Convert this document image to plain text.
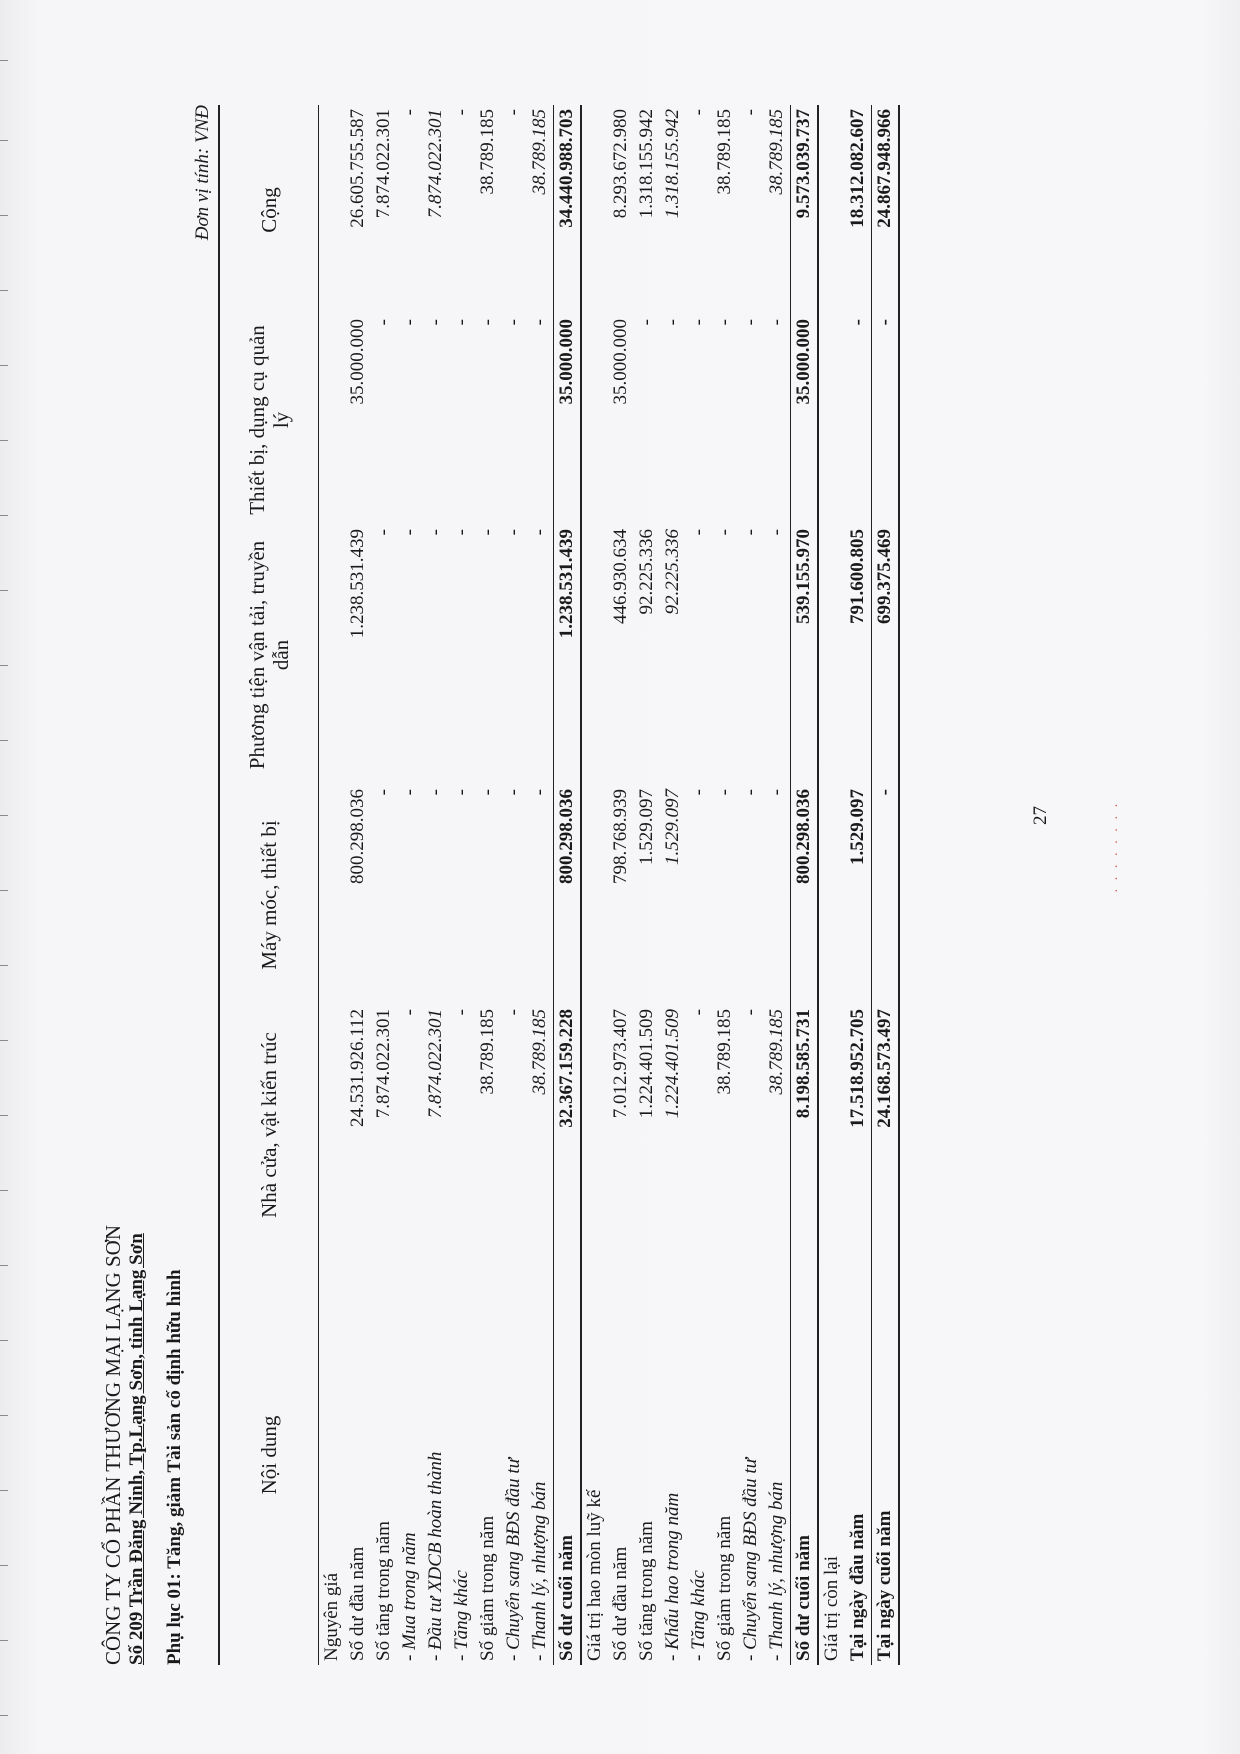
CÔNG TY CỔ PHẦN THƯƠNG MẠI LẠNG SƠN Số 209 Trần Đăng Ninh, Tp.Lạng Sơn, tỉnh Lạng Sơn Phụ lục 01: Tăng, giảm Tài sản cố định hữu hình
Đơn vị tính: VNĐ
Nội dung	Nhà cửa, vật kiến trúc	Máy móc, thiết bị	Phương tiện vận tải, truyền dẫn	Thiết bị, dụng cụ quản lý	Cộng
Nguyên giá					
Số dư đầu năm	24.531.926.112	800.298.036	1.238.531.439	35.000.000	26.605.755.587
Số tăng trong năm	7.874.022.301	-	-	-	7.874.022.301
- Mua trong năm	-	-	-	-	-
- Đầu tư XDCB hoàn thành	7.874.022.301	-	-	-	7.874.022.301
- Tăng khác	-	-	-	-	-
Số giảm trong năm	38.789.185	-	-	-	38.789.185
- Chuyển sang BĐS đầu tư	-	-	-	-	-
- Thanh lý, nhượng bán	38.789.185	-	-	-	38.789.185
Số dư cuối năm	32.367.159.228	800.298.036	1.238.531.439	35.000.000	34.440.988.703
Giá trị hao mòn luỹ kế					
Số dư đầu năm	7.012.973.407	798.768.939	446.930.634	35.000.000	8.293.672.980
Số tăng trong năm	1.224.401.509	1.529.097	92.225.336	-	1.318.155.942
- Khấu hao trong năm	1.224.401.509	1.529.097	92.225.336	-	1.318.155.942
- Tăng khác	-	-	-	-	-
Số giảm trong năm	38.789.185	-	-	-	38.789.185
- Chuyển sang BĐS đầu tư	-	-	-	-	-
- Thanh lý, nhượng bán	38.789.185	-	-	-	38.789.185
Số dư cuối năm	8.198.585.731	800.298.036	539.155.970	35.000.000	9.573.039.737
Giá trị còn lại					
Tại ngày đầu năm	17.518.952.705	1.529.097	791.600.805	-	18.312.082.607
Tại ngày cuối năm	24.168.573.497	-	699.375.469	-	24.867.948.966
27	· · · · · · · ·
